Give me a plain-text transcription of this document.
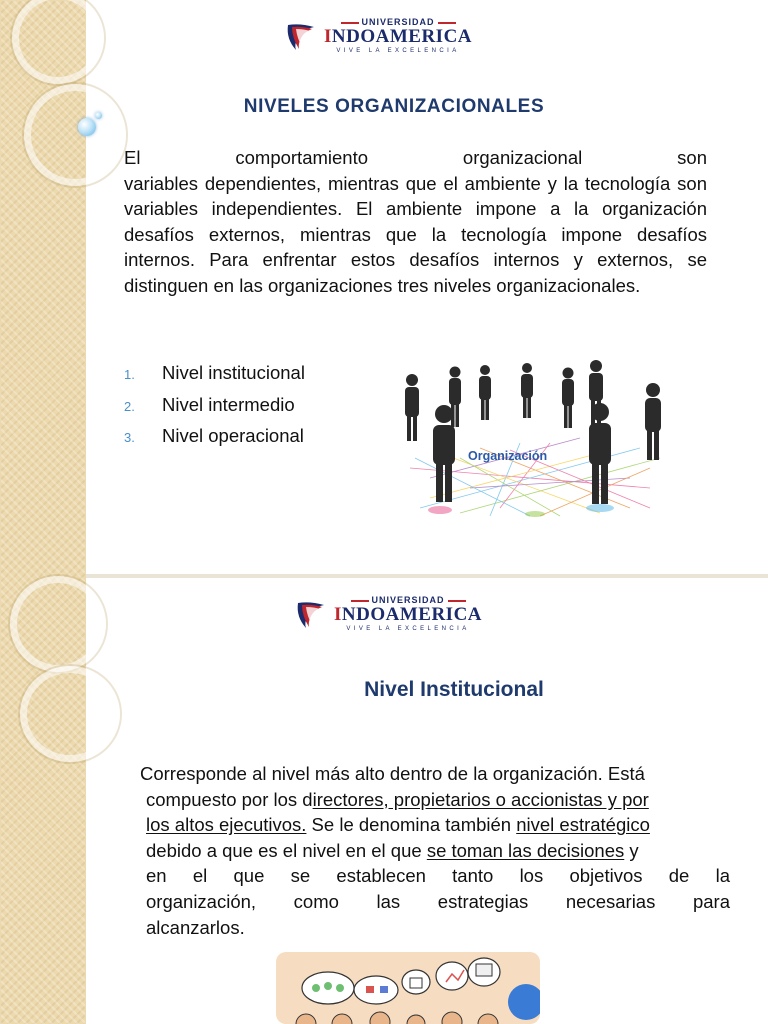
UNIVERSIDAD
INDOAMERICA
VIVE LA EXCELENCIA
NIVELES ORGANIZACIONALES
El comportamiento organizacional son
variables dependientes, mientras que el ambiente y la tecnología son variables independientes. El ambiente impone a la organización desafíos externos, mientras que la tecnología impone desafíos internos. Para enfrentar estos desafíos internos y externos, se distinguen en las organizaciones tres niveles organizacionales.
1.	Nivel institucional
2.	Nivel intermedio
3.	Nivel operacional
Organización
UNIVERSIDAD
INDOAMERICA
VIVE LA EXCELENCIA
Nivel Institucional
Corresponde al nivel más alto dentro de la organización. Está
compuesto por los directores, propietarios o accionistas y por
los altos ejecutivos. Se le denomina también nivel estratégico
debido a que es el nivel en el que se toman las decisiones y
en el que se establecen tanto los objetivos de la
organización, como las estrategias necesarias para
alcanzarlos.
